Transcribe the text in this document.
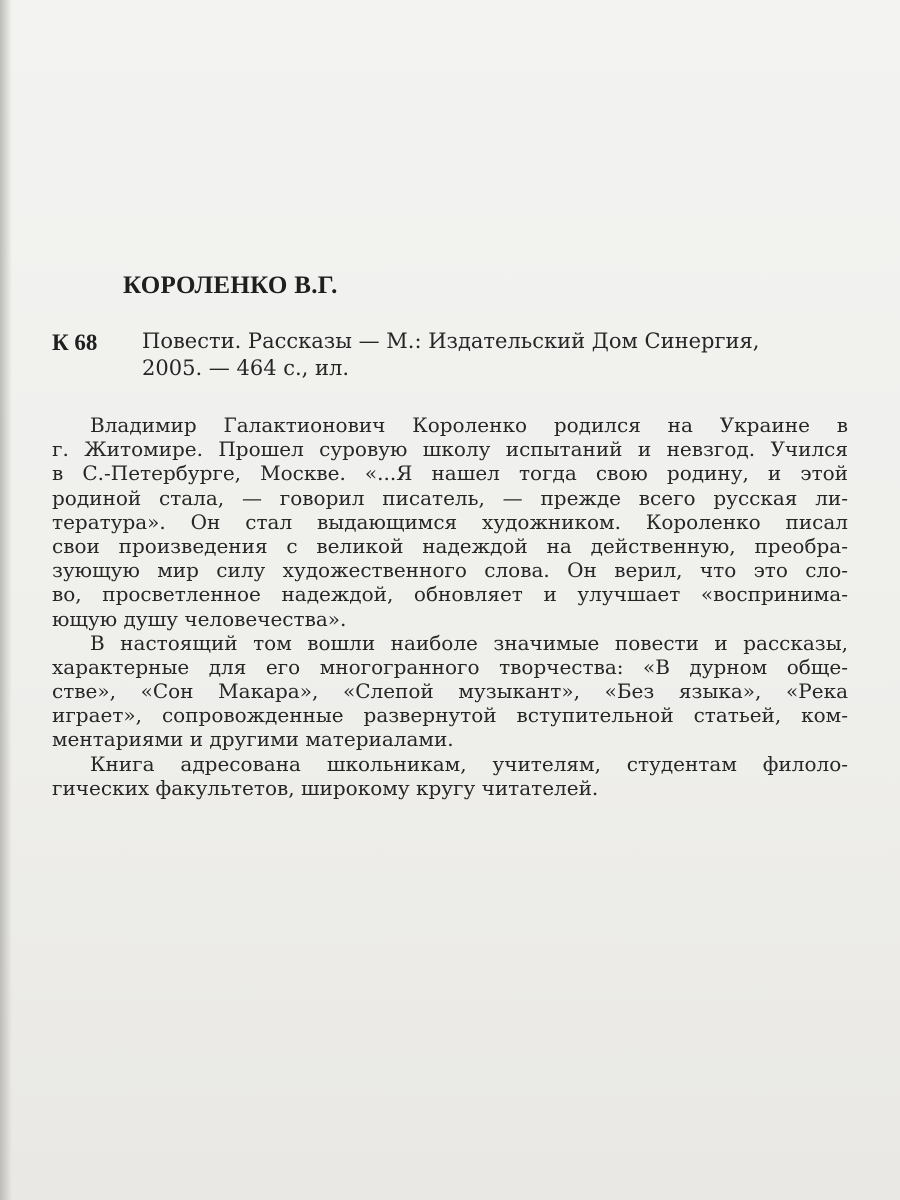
КОРОЛЕНКО В.Г.
К 68 Повести. Рассказы — М.: Издательский Дом Синергия,
2005. — 464 с., ил.
Владимир Галактионович Короленко родился на Украине в
г. Житомире. Прошел суровую школу испытаний и невзгод. Учился
в С.-Петербурге, Москве. «...Я нашел тогда свою родину, и этой
родиной стала, — говорил писатель, — прежде всего русская ли-
тература». Он стал выдающимся художником. Короленко писал
свои произведения с великой надеждой на действенную, преобра-
зующую мир силу художественного слова. Он верил, что это сло-
во, просветленное надеждой, обновляет и улучшает «воспринима-
ющую душу человечества».
В настоящий том вошли наиболе значимые повести и рассказы,
характерные для его многогранного творчества: «В дурном обще-
стве», «Сон Макара», «Слепой музыкант», «Без языка», «Река
играет», сопровожденные развернутой вступительной статьей, ком-
ментариями и другими материалами.
Книга адресована школьникам, учителям, студентам филоло-
гических факультетов, широкому кругу читателей.
